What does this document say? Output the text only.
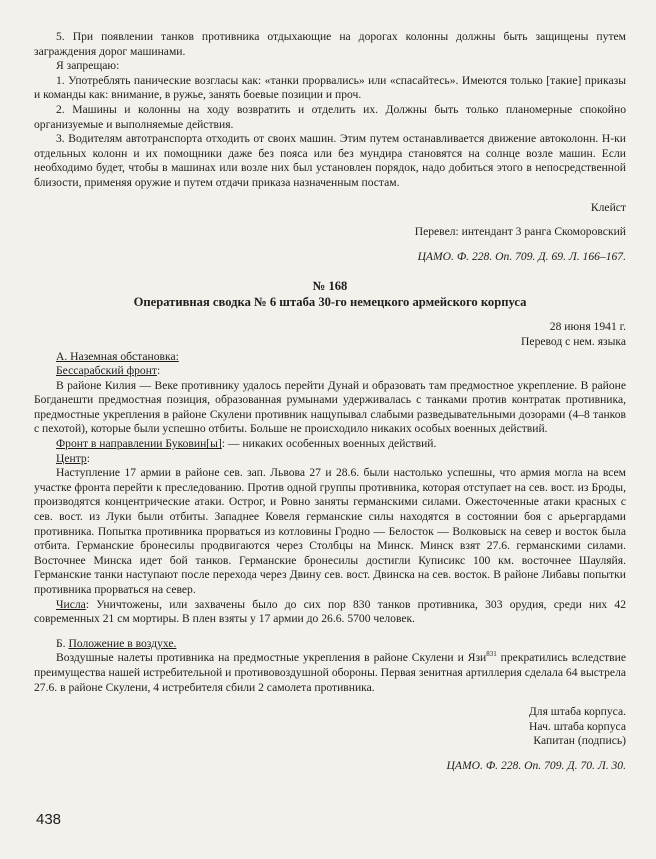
5. При появлении танков противника отдыхающие на дорогах колонны должны быть защищены путем заграждения дорог машинами.

Я запрещаю:

1. Употреблять панические возгласы как: «танки прорвались» или «спасайтесь». Имеются только [такие] приказы и команды как: внимание, в ружье, занять боевые позиции и проч.

2. Машины и колонны на ходу возвратить и отделить их. Должны быть только планомерные спокойно организуемые и выполняемые действия.

3. Водителям автотранспорта отходить от своих машин. Этим путем останавливается движение автоколонн. Н-ки отдельных колонн и их помощники даже без пояса или без мундира становятся на солнце возле машин. Если необходимо будет, чтобы в машинах или возле них был установлен порядок, надо добиться этого в непосредственной близости, применяя оружие и путем отдачи приказа назначенным постам.

Клейст

Перевел: интендант 3 ранга Скоморовский

ЦАМО. Ф. 228. Оп. 709. Д. 69. Л. 166–167.

№ 168

Оперативная сводка № 6 штаба 30-го немецкого армейского корпуса

28 июня 1941 г.

Перевод с нем. языка

А. Наземная обстановка:

Бессарабский фронт:

В районе Килия — Веке противнику удалось перейти Дунай и образовать там предмостное укрепление. В районе Богданешти предмостная позиция, образованная румынами удерживалась с танками против контратак противника, предмостные укрепления в районе Скулени противник нащупывал слабыми разведывательными дозорами (4–8 танков с пехотой), которые были успешно отбиты. Больше не происходило никаких особых военных действий.

Фронт в направлении Буковин[ы]: — никаких особенных военных действий.

Центр:

Наступление 17 армии в районе сев. зап. Львова 27 и 28.6. были настолько успешны, что армия могла на всем участке фронта перейти к преследованию. Против одной группы противника, которая отступает на сев. вост. из Броды, производятся концентрические атаки. Острог, и Ровно заняты германскими силами. Ожесточенные атаки красных с сев. вост. из Луки были отбиты. Западнее Ковеля германские силы находятся в состоянии боя с арьергардами противника. Попытка противника прорваться из котловины Гродно — Белосток — Волковыск на север и восток была отбита. Германские бронесилы продвигаются через Столбцы на Минск. Минск взят 27.6. германскими силами. Восточнее Минска идет бой танков. Германские бронесилы достигли Куписикс 100 км. восточнее Шауляйя. Германские танки наступают после перехода через Двину сев. вост. Двинска на сев. восток. В районе Либавы попытки противника прорваться на север.

Числа: Уничтожены, или захвачены было до сих пор 830 танков противника, 303 орудия, среди них 42 современных 21 см мортиры. В плен взяты у 17 армии до 26.6. 5700 человек.

Б. Положение в воздухе.

Воздушные налеты противника на предмостные укрепления в районе Скулени и Язи$^{831}$ прекратились вследствие преимущества нашей истребительной и противовоздушной обороны. Первая зенитная артиллерия сделала 64 выстрела 27.6. в районе Скулени, 4 истребителя сбили 2 самолета противника.

Для штаба корпуса.

Нач. штаба корпуса

Капитан (подпись)

ЦАМО. Ф. 228. Оп. 709. Д. 70. Л. 30.

438
